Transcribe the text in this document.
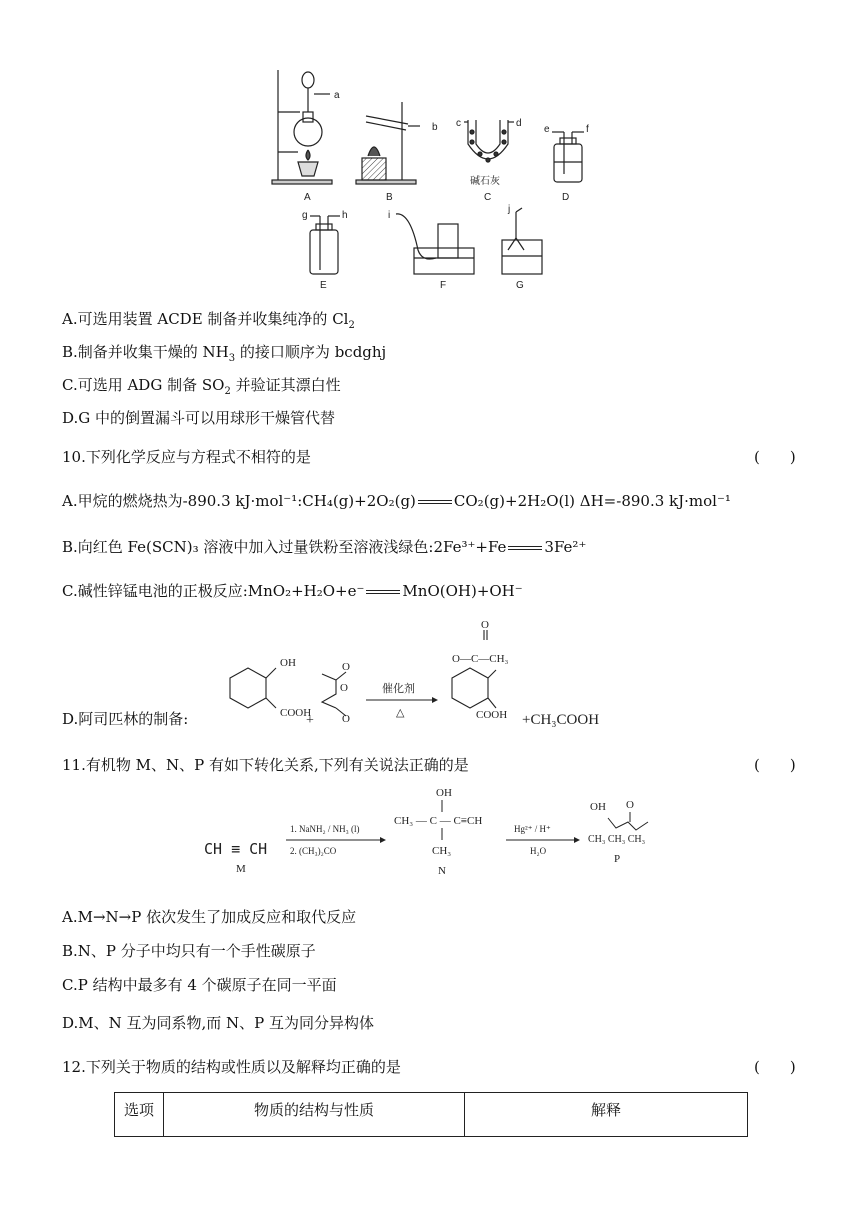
A	B	C	D
E	F	G
碱石灰
a
b c	d
e	f
g	h	i
j
A.可选用装置 ACDE 制备并收集纯净的 $Cl_2$
B.制备并收集干燥的 $NH_3$ 的接口顺序为 bcdghj
C.可选用 ADG 制备 $SO_2$ 并验证其漂白性
D.G 中的倒置漏斗可以用球形干燥管代替
10.下列化学反应与方程式不相符的是	(　　)
A.甲烷的燃烧热为-890.3 kJ·mol⁻¹:CH₄(g)+2O₂(g)	CO₂(g)+2H₂O(l) ΔH=-890.3 kJ·mol⁻¹
B.向红色 Fe(SCN)₃ 溶液中加入过量铁粉至溶液浅绿色:2Fe³⁺+Fe	3Fe²⁺
C.碱性锌锰电池的正极反应:MnO₂+H₂O+e⁻	MnO(OH)+OH⁻
D.阿司匹林的制备:
OH
COOH
+
O
O
O
催化剂
△
O
O—C—CH₃
COOH +CH₃COOH
11.有机物 M、N、P 有如下转化关系,下列有关说法正确的是	(　　)
CH ≡ CH
M
1. NaNH₂ / NH₃ (l)
2. (CH₃)₂CO
OH
CH₃ — C — C≡CH
CH₃
N
Hg²⁺ / H⁺
H₂O
OH O
CH₃ CH₃ CH₃
P
A.M→N→P 依次发生了加成反应和取代反应
B.N、P 分子中均只有一个手性碳原子
C.P 结构中最多有 4 个碳原子在同一平面
D.M、N 互为同系物,而 N、P 互为同分异构体
12.下列关于物质的结构或性质以及解释均正确的是	(　　)
选项	物质的结构与性质	解释
